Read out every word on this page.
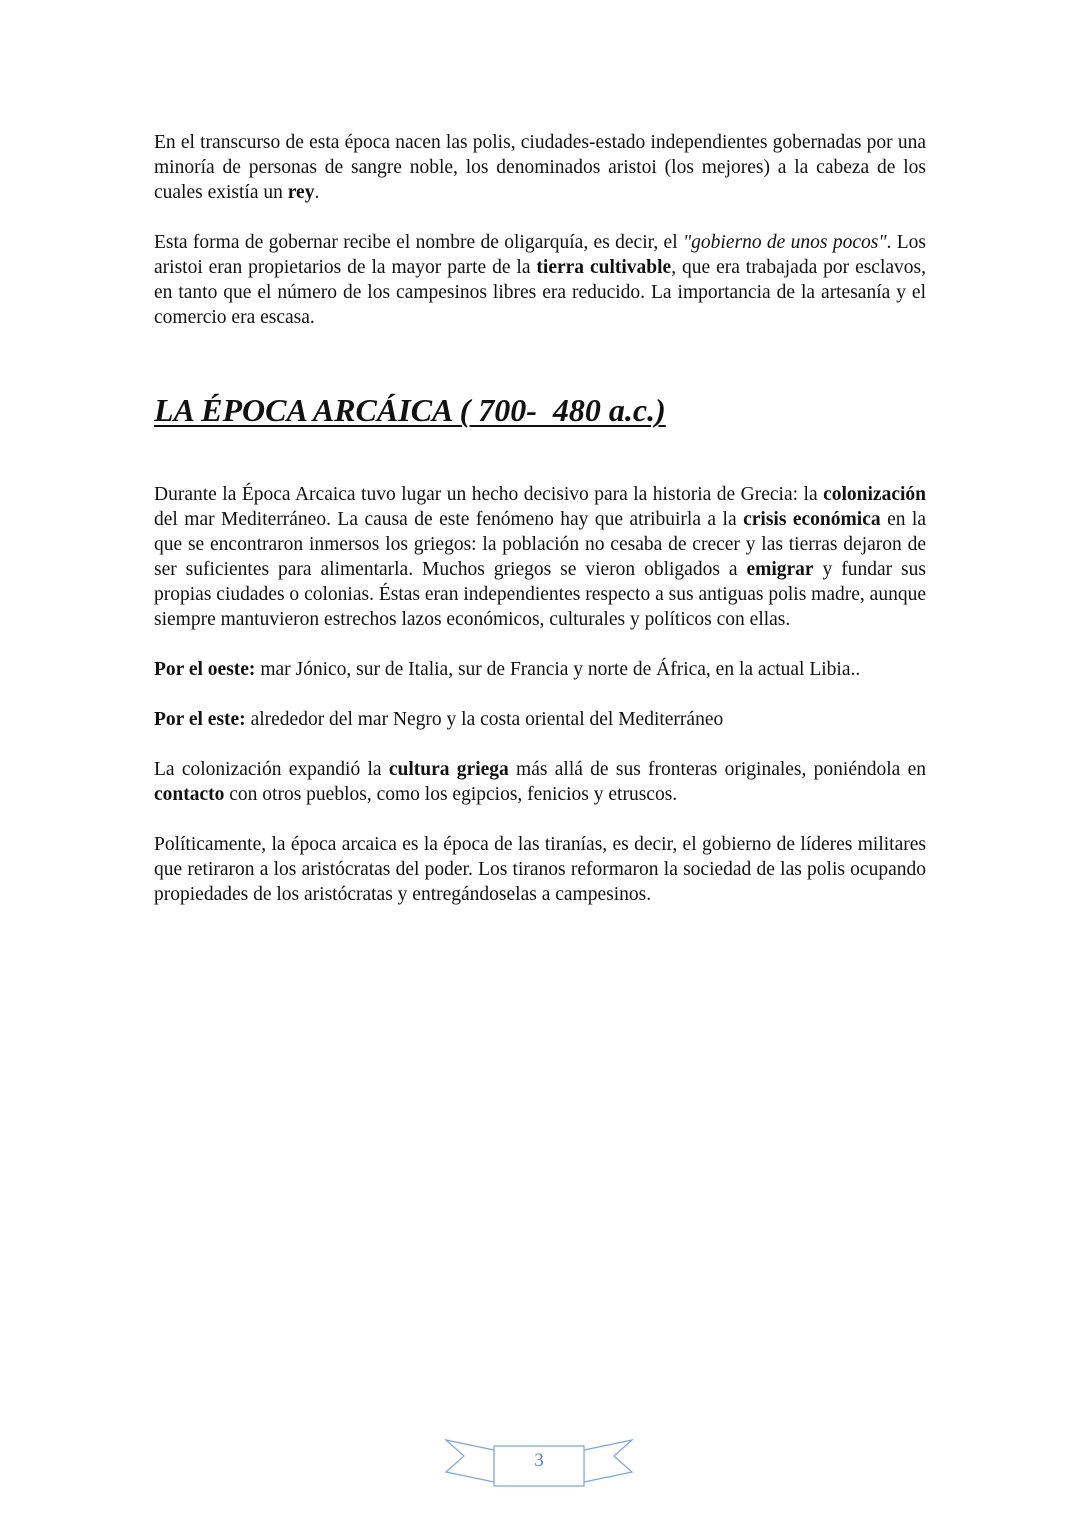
En el transcurso de esta época nacen las polis, ciudades-estado independientes gobernadas por una minoría de personas de sangre noble, los denominados aristoi (los mejores) a la cabeza de los cuales existía un rey.

Esta forma de gobernar recibe el nombre de oligarquía, es decir, el "gobierno de unos pocos". Los aristoi eran propietarios de la mayor parte de la tierra cultivable, que era trabajada por esclavos, en tanto que el número de los campesinos libres era reducido. La importancia de la artesanía y el comercio era escasa.

LA ÉPOCA ARCÁICA ( 700-  480 a.c.)

Durante la Época Arcaica tuvo lugar un hecho decisivo para la historia de Grecia: la colonización del mar Mediterráneo. La causa de este fenómeno hay que atribuirla a la crisis económica en la que se encontraron inmersos los griegos: la población no cesaba de crecer y las tierras dejaron de ser suficientes para alimentarla. Muchos griegos se vieron obligados a emigrar y fundar sus propias ciudades o colonias. Éstas eran independientes respecto a sus antiguas polis madre, aunque siempre mantuvieron estrechos lazos económicos, culturales y políticos con ellas.

Por el oeste: mar Jónico, sur de Italia, sur de Francia y norte de África, en la actual Libia..

Por el este: alrededor del mar Negro y la costa oriental del Mediterráneo

La colonización expandió la cultura griega más allá de sus fronteras originales, poniéndola en contacto con otros pueblos, como los egipcios, fenicios y etruscos.

Políticamente, la época arcaica es la época de las tiranías, es decir, el gobierno de líderes militares que retiraron a los aristócratas del poder. Los tiranos reformaron la sociedad de las polis ocupando propiedades de los aristócratas y entregándoselas a campesinos.

3
